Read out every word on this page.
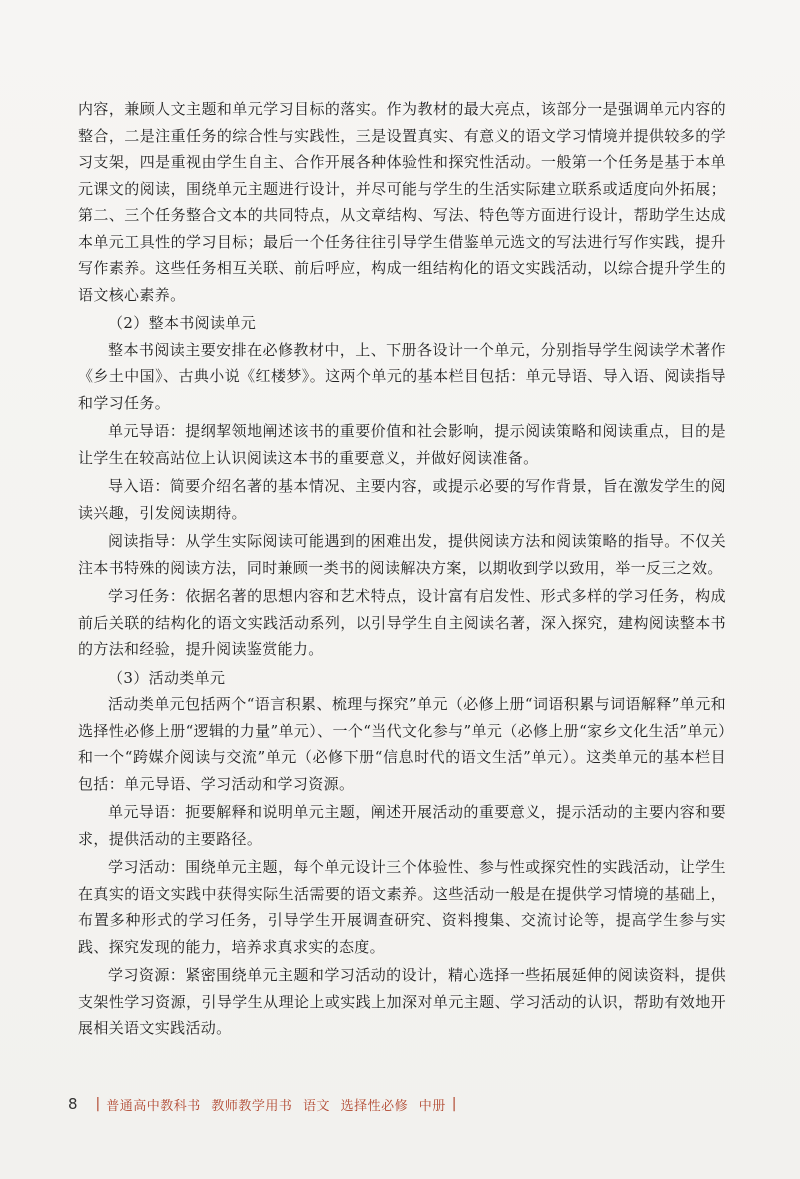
内容，兼顾人文主题和单元学习目标的落实。作为教材的最大亮点，该部分一是强调单元内容的整合，二是注重任务的综合性与实践性，三是设置真实、有意义的语文学习情境并提供较多的学习支架，四是重视由学生自主、合作开展各种体验性和探究性活动。一般第一个任务是基于本单元课文的阅读，围绕单元主题进行设计，并尽可能与学生的生活实际建立联系或适度向外拓展；第二、三个任务整合文本的共同特点，从文章结构、写法、特色等方面进行设计，帮助学生达成本单元工具性的学习目标；最后一个任务往往引导学生借鉴单元选文的写法进行写作实践，提升写作素养。这些任务相互关联、前后呼应，构成一组结构化的语文实践活动，以综合提升学生的语文核心素养。

（2）整本书阅读单元

整本书阅读主要安排在必修教材中，上、下册各设计一个单元，分别指导学生阅读学术著作《乡土中国》、古典小说《红楼梦》。这两个单元的基本栏目包括：单元导语、导入语、阅读指导和学习任务。

单元导语：提纲挈领地阐述该书的重要价值和社会影响，提示阅读策略和阅读重点，目的是让学生在较高站位上认识阅读这本书的重要意义，并做好阅读准备。

导入语：简要介绍名著的基本情况、主要内容，或提示必要的写作背景，旨在激发学生的阅读兴趣，引发阅读期待。

阅读指导：从学生实际阅读可能遇到的困难出发，提供阅读方法和阅读策略的指导。不仅关注本书特殊的阅读方法，同时兼顾一类书的阅读解决方案，以期收到学以致用，举一反三之效。

学习任务：依据名著的思想内容和艺术特点，设计富有启发性、形式多样的学习任务，构成前后关联的结构化的语文实践活动系列，以引导学生自主阅读名著，深入探究，建构阅读整本书的方法和经验，提升阅读鉴赏能力。

（3）活动类单元

活动类单元包括两个“语言积累、梳理与探究”单元（必修上册“词语积累与词语解释”单元和选择性必修上册“逻辑的力量”单元）、一个“当代文化参与”单元（必修上册“家乡文化生活”单元）和一个“跨媒介阅读与交流”单元（必修下册“信息时代的语文生活”单元）。这类单元的基本栏目包括：单元导语、学习活动和学习资源。

单元导语：扼要解释和说明单元主题，阐述开展活动的重要意义，提示活动的主要内容和要求，提供活动的主要路径。

学习活动：围绕单元主题，每个单元设计三个体验性、参与性或探究性的实践活动，让学生在真实的语文实践中获得实际生活需要的语文素养。这些活动一般是在提供学习情境的基础上，布置多种形式的学习任务，引导学生开展调查研究、资料搜集、交流讨论等，提高学生参与实践、探究发现的能力，培养求真求实的态度。

学习资源：紧密围绕单元主题和学习活动的设计，精心选择一些拓展延伸的阅读资料，提供支架性学习资源，引导学生从理论上或实践上加深对单元主题、学习活动的认识，帮助有效地开展相关语文实践活动。

8 | 普通高中教科书 教师教学用书 语文 选择性必修 中册 |
